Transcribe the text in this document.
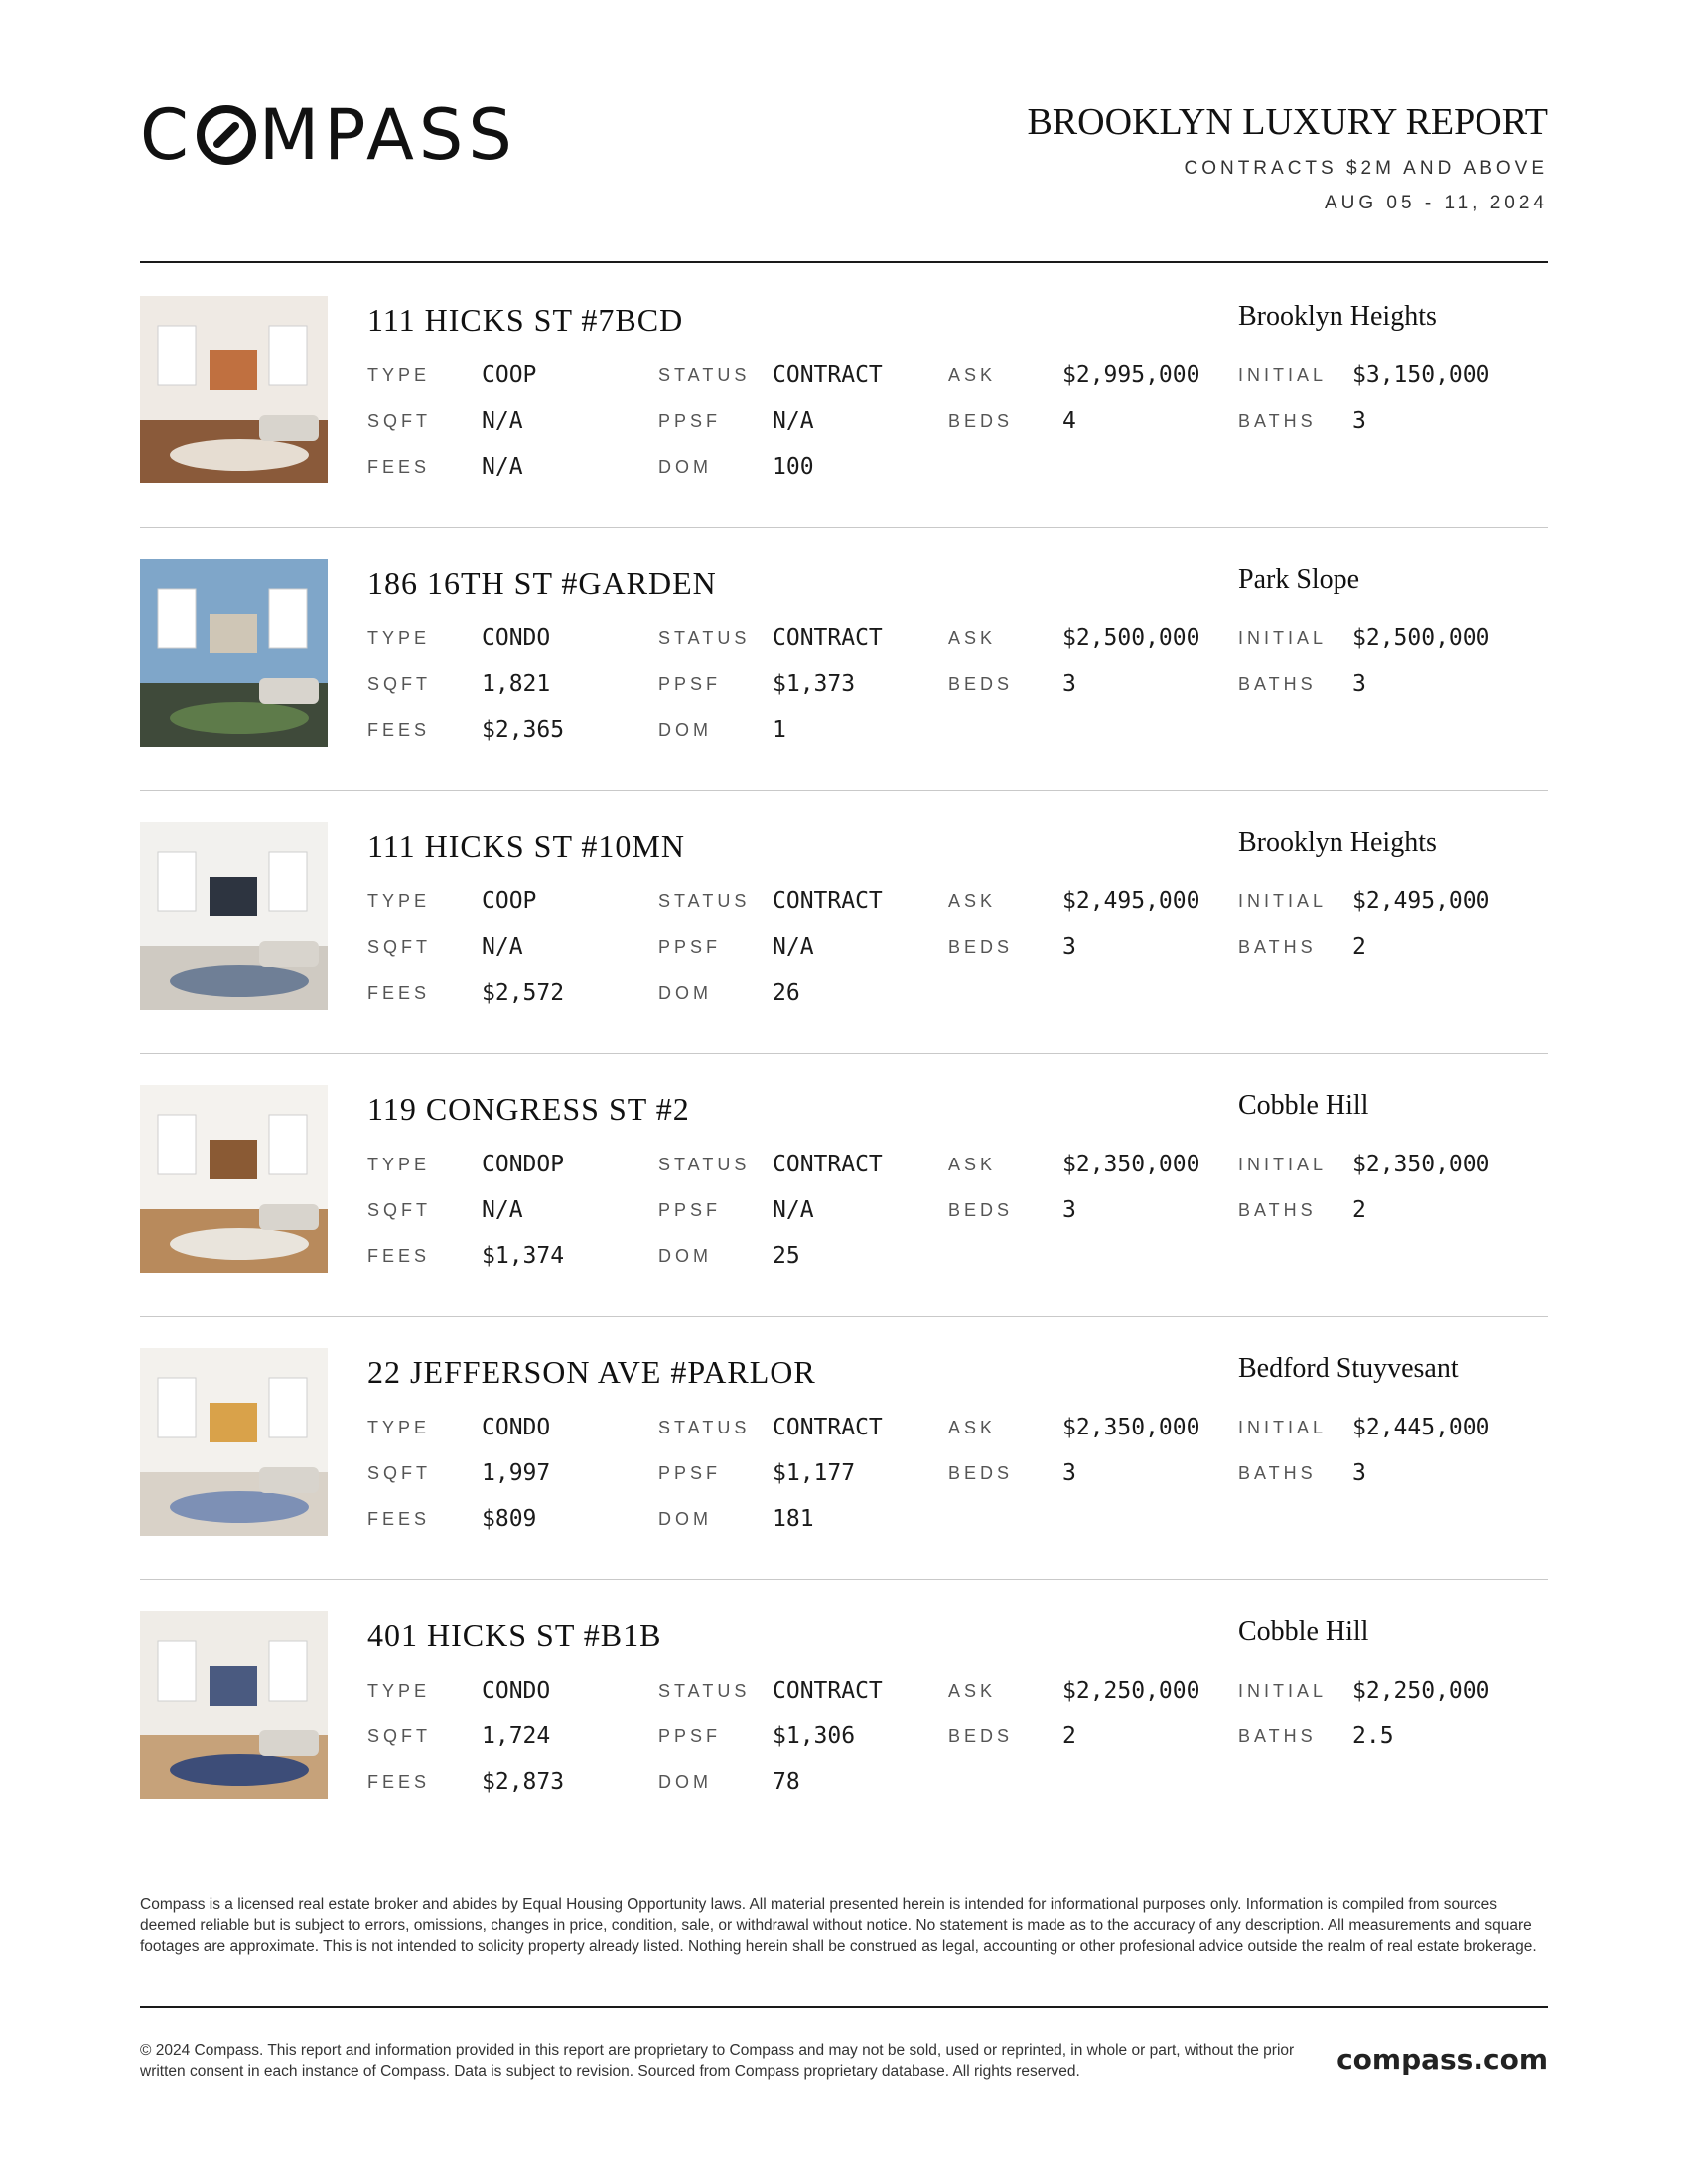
C MPASS	BROOKLYN LUXURY REPORT
CONTRACTS $2M AND ABOVE
AUG 05 - 11, 2024
111 HICKS ST #7BCD	Brooklyn Heights
TYPE COOP	STATUS CONTRACT	ASK	$2,995,000 INITIAL $3,150,000
SQFT N/A	PPSF N/A	BEDS 4	BATHS 3
FEES N/A	DOM	100
186 16TH ST #GARDEN	Park Slope
TYPE CONDO	STATUS CONTRACT	ASK	$2,500,000 INITIAL $2,500,000
SQFT 1,821	PPSF $1,373	BEDS 3	BATHS 3
FEES $2,365	DOM	1
111 HICKS ST #10MN	Brooklyn Heights
TYPE COOP	STATUS CONTRACT	ASK	$2,495,000 INITIAL $2,495,000
SQFT N/A	PPSF N/A	BEDS 3	BATHS 2
FEES $2,572	DOM	26
119 CONGRESS ST #2	Cobble Hill
TYPE CONDOP	STATUS CONTRACT	ASK	$2,350,000 INITIAL $2,350,000
SQFT N/A	PPSF N/A	BEDS 3	BATHS 2
FEES $1,374	DOM	25
22 JEFFERSON AVE #PARLOR	Bedford Stuyvesant
TYPE CONDO	STATUS CONTRACT	ASK	$2,350,000 INITIAL $2,445,000
SQFT 1,997	PPSF $1,177	BEDS 3	BATHS 3
FEES $809	DOM	181
401 HICKS ST #B1B	Cobble Hill
TYPE CONDO	STATUS CONTRACT	ASK	$2,250,000 INITIAL $2,250,000
SQFT 1,724	PPSF $1,306	BEDS 2	BATHS 2.5
FEES $2,873	DOM	78
Compass is a licensed real estate broker and abides by Equal Housing Opportunity laws. All material presented herein is intended for informational purposes only. Information is compiled from sources deemed reliable but is subject to errors, omissions, changes in price, condition, sale, or withdrawal without notice. No statement is made as to the accuracy of any description. All measurements and square footages are approximate. This is not intended to solicity property already listed. Nothing herein shall be construed as legal, accounting or other profesional advice outside the realm of real estate brokerage.
© 2024 Compass. This report and information provided in this report are proprietary to Compass and may not be sold, used or reprinted, in whole or part, without the prior written consent in each instance of Compass. Data is subject to revision. Sourced from Compass proprietary database. All rights reserved.	compass.com
